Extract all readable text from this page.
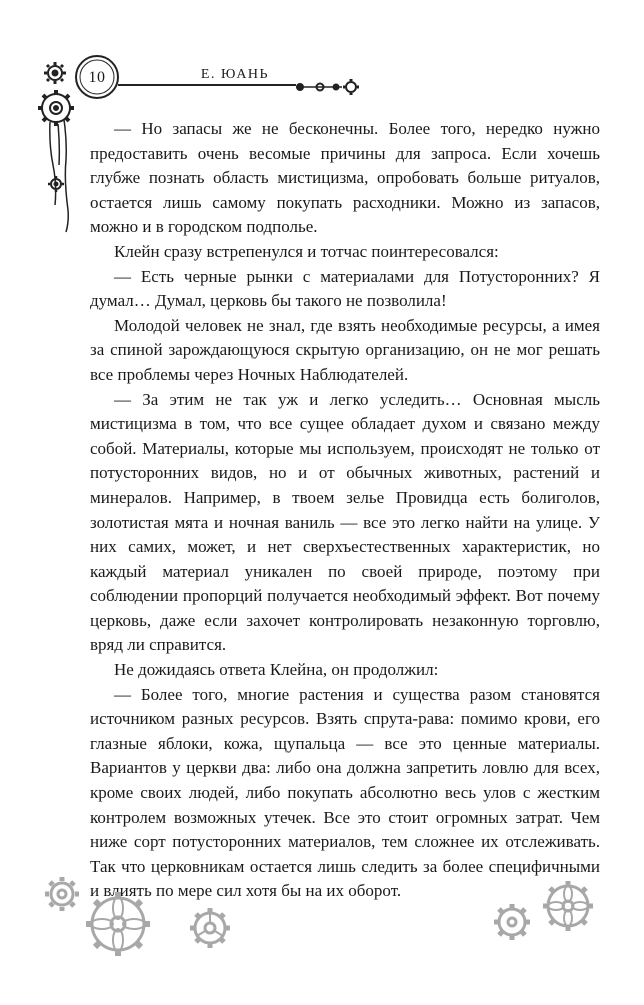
10	Е. ЮАНЬ

— Но запасы же не бесконечны. Более того, нередко нужно предоставить очень весомые причины для запроса. Если хочешь глубже познать область мистицизма, опробовать больше ритуалов, остается лишь самому покупать расходники. Можно из запасов, можно и в городском подполье.

Клейн сразу встрепенулся и тотчас поинтересовался:

— Есть черные рынки с материалами для Потусторонних? Я думал… Думал, церковь бы такого не позволила!

Молодой человек не знал, где взять необходимые ресурсы, а имея за спиной зарождающуюся скрытую организацию, он не мог решать все проблемы через Ночных Наблюдателей.

— За этим не так уж и легко уследить… Основная мысль мистицизма в том, что все сущее обладает духом и связано между собой. Материалы, которые мы используем, происходят не только от потусторонних видов, но и от обычных животных, растений и минералов. Например, в твоем зелье Провидца есть болиголов, золотистая мята и ночная ваниль — все это легко найти на улице. У них самих, может, и нет сверхъестественных характеристик, но каждый материал уникален по своей природе, поэтому при соблюдении пропорций получается необходимый эффект. Вот почему церковь, даже если захочет контролировать незаконную торговлю, вряд ли справится.

Не дожидаясь ответа Клейна, он продолжил:

— Более того, многие растения и существа разом становятся источником разных ресурсов. Взять спрута-рава: помимо крови, его глазные яблоки, кожа, щупальца — все это ценные материалы. Вариантов у церкви два: либо она должна запретить ловлю для всех, кроме своих людей, либо покупать абсолютно весь улов с жестким контролем возможных утечек. Все это стоит огромных затрат. Чем ниже сорт потусторонних материалов, тем сложнее их отслеживать. Так что церковникам остается лишь следить за более специфичными и влиять по мере сил хотя бы на их оборот.
